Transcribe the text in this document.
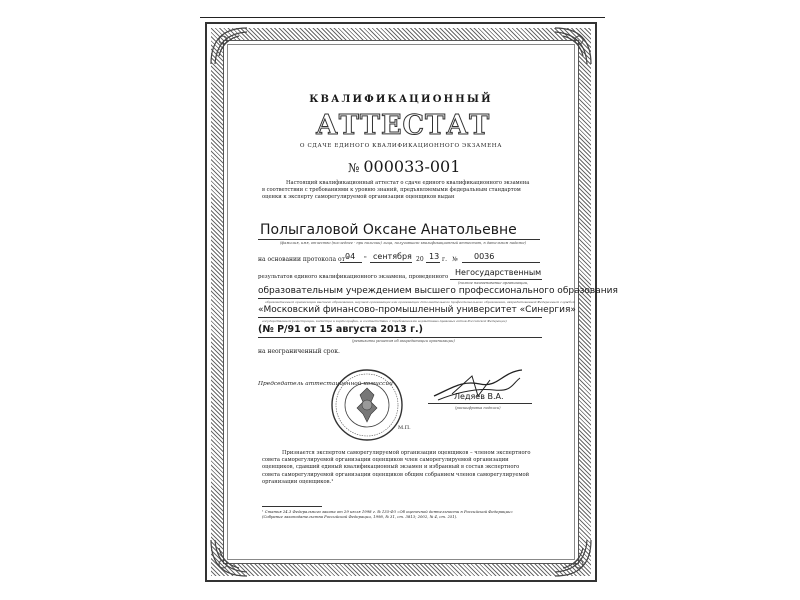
КВАЛИФИКАЦИОННЫЙ
АТТЕСТАТ
О СДАЧЕ ЕДИНОГО КВАЛИФИКАЦИОННОГО ЭКЗАМЕНА
№ 000033-001
Настоящий квалификационный аттестат о сдаче единого квалификационного экзамена в соответствии с требованиями к уровню знаний, предъявляемыми федеральным стандартом оценки к эксперту саморегулируемой организации оценщиков выдан
Полыгаловой Оксане Анатольевне
(фамилия, имя, отчество (последнее - при наличии) лица, получившего квалификационный аттестат, в дательном падеже)
на основании протокола от "
04 " сентября 20 13 г. № 0036
результатов единого квалификационного экзамена, проведенного Негосударственным
(полное наименование организации,
образовательным учреждением высшего профессионального образования
образовательной организации высшего образования, научной организации или организации дополнительного профессионального образования, аккредитованной Федеральной службой
«Московский финансово-промышленный университет «Синергия»
государственной регистрации, кадастра и картографии, в соответствии с требованиями нормативно-правовых актов Российской Федерации)
(№ Р/91 от 15 августа 2013 г.)
(реквизиты решения об аккредитации организации)
на неограниченный срок.
Председатель аттестационной комиссии
М.П.
Ледяев В.А.
(расшифровка подписи)
Признается экспертом саморегулируемой организации оценщиков – членом экспертного совета саморегулируемой организации оценщиков член саморегулируемой организации оценщиков, сдавший единый квалификационный экзамен и избранный в состав экспертного совета саморегулируемой организации оценщиков общим собранием членов саморегулируемой организации оценщиков.¹
¹ Статья 24.3 Федерального закона от 29 июля 1998 г. № 135-ФЗ «Об оценочной деятельности в Российской Федерации» (Собрание законодательства Российской Федерации, 1998, № 31, ст. 3813; 2002, № 4, ст. 251).
